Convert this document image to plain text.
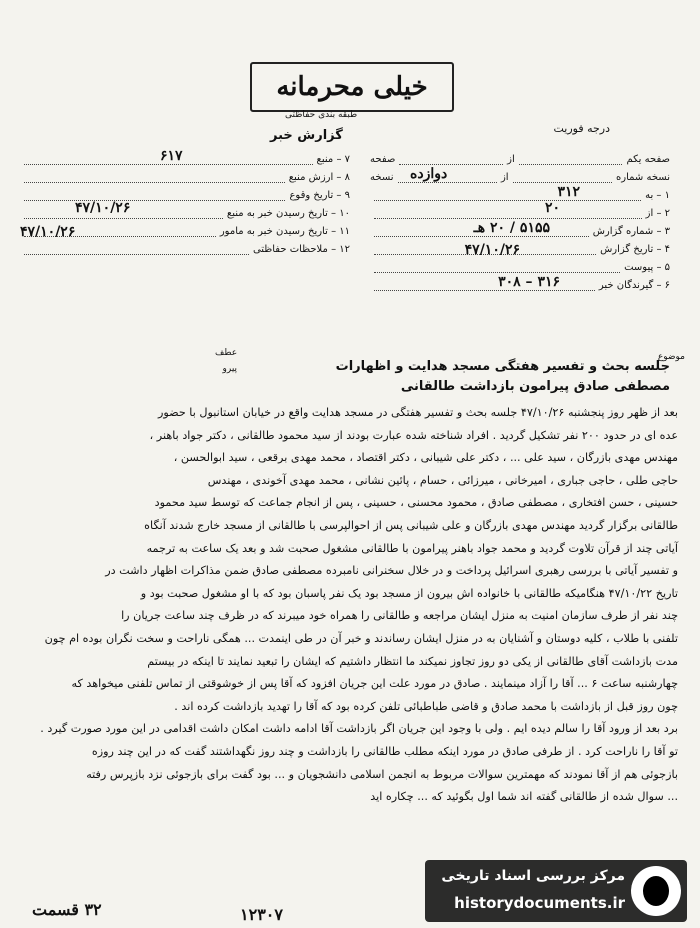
خیلی محرمانه
طبقه بندی حفاظتی
درجه فوریت
گزارش خبر
صفحه یکم
از
صفحه
نسخه شماره
از
دوازده
نسخه
۱ – به
۳۱۲
۲ – از
۲۰
۳ – شماره گزارش
۵۱۵۵ / ۲۰ هـ
۴ – تاریخ گزارش
۴۷/۱۰/۲۶
۵ – پیوست
۶ – گیرندگان خبر
۳۱۶ – ۳۰۸
۷ – منبع
۶۱۷
۸ – ارزش منبع
۹ – تاریخ وقوع
۱۰ – تاریخ رسیدن خبر به منبع
۴۷/۱۰/۲۶
۱۱ – تاریخ رسیدن خبر به مامور
۴۷/۱۰/۲۶
۱۲ – ملاحظات حفاظتی
موضوع
عطف
پیرو	جلسه بحث و تفسیر هفتگی مسجد هدایت و اظهارات مصطفی صادق پیرامون بازداشت طالقانی

بعد از ظهر روز پنجشنبه ۴۷/۱۰/۲۶ جلسه بحث و تفسیر هفتگی در مسجد هدایت واقع در خیابان استانبول با حضور

عده ای در حدود ۲۰۰ نفر تشکیل گردید . افراد شناخته شده عبارت بودند از سید محمود طالقانی ، دکتر جواد باهنر ،

مهندس مهدی بازرگان ، سید علی ... ، دکتر علی شیبانی ، دکتر اقتصاد ، محمد مهدی برقعی ، سید ابوالحسن ،

حاجی طلی ، حاجی جباری ، امیرخانی ، میرزائی ، حسام ، پائین نشانی ، محمد مهدی آخوندی ، مهندس

حسینی ، حسن افتخاری ، مصطفی صادق ، محمود محسنی ، حسینی ، پس از انجام جماعت که توسط سید محمود

طالقانی برگزار گردید مهندس مهدی بازرگان و علی شیبانی پس از احوالپرسی با طالقانی از مسجد خارج شدند آنگاه

آیاتی چند از قرآن تلاوت گردید و محمد جواد باهنر پیرامون با طالقانی مشغول صحبت شد و بعد یک ساعت به ترجمه

و تفسیر آیاتی با بررسی رهبری اسرائیل پرداخت و در خلال سخنرانی نامبرده مصطفی صادق ضمن مذاکرات اظهار داشت در

تاریخ ۴۷/۱۰/۲۲ هنگامیکه طالقانی با خانواده اش بیرون از مسجد بود یک نفر پاسبان بود که با او مشغول صحبت بود و

چند نفر از طرف سازمان امنیت به منزل ایشان مراجعه و طالقانی را همراه خود میبرند که در ظرف چند ساعت جریان را

تلفنی با طلاب ، کلیه دوستان و آشنایان به در منزل ایشان رساندند و خبر آن در طی اینمدت ... همگی ناراحت و سخت نگران بوده ام چون

مدت بازداشت آقای طالقانی از یکی دو روز تجاوز نمیکند ما انتظار داشتیم که ایشان را تبعید نمایند تا اینکه در بیستم

چهارشنبه ساعت ۶ ... آقا را آزاد مینمایند . صادق در مورد علت این جریان افزود که آقا پس از خوشوقتی از تماس تلفنی میخواهد که

چون روز قبل از بازداشت با محمد صادق و قاضی طباطبائی تلفن کرده بود که آقا را تهدید بازداشت کرده اند .

برد بعد از ورود آقا را سالم دیده ایم . ولی با وجود این جریان اگر بازداشت آقا ادامه داشت امکان داشت اقدامی در این مورد صورت گیرد .

تو آقا را ناراحت کرد . از طرفی صادق در مورد اینکه مطلب طالقانی را بازداشت و چند روز نگهداشتند گفت که در این چند روزه

بازجوئی هم از آقا نمودند که مهمترین سوالات مربوط به انجمن اسلامی دانشجویان و ... بود گفت برای بازجوئی نزد بازپرس رفته

... سوال شده از طالقانی گفته اند شما اول بگوئید که ... چکاره اید

۳۲ قسمت	۱۲۳۰۷
مرکز بررسی اسناد تاریخی
historydocuments.ir
